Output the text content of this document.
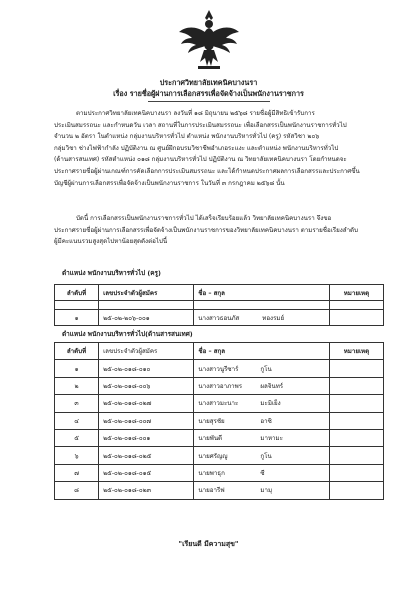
ประกาศวิทยาลัยเทคนิคบางนรา
เรื่อง รายชื่อผู้ผ่านการเลือกสรรเพื่อจัดจ้างเป็นพนักงานราชการ
ตามประกาศวิทยาลัยเทคนิคบางนรา ลงวันที่ ๑๘ มิถุนายน ๒๕๖๘ รายชื่อผู้มีสิทธิเข้ารับการ
ประเมินสมรรถนะ และกำหนดวัน เวลา สถานที่ในการประเมินสมรรถนะ เพื่อเลือกสรรเป็นพนักงานราชการทั่วไป
จำนวน ๒ อัตรา ในตำแหน่ง กลุ่มงานบริหารทั่วไป ตำแหน่ง พนักงานบริหารทั่วไป (ครู) รหัสวิชา ๒๐๖
กลุ่มวิชา ช่างไฟฟ้ากำลัง ปฏิบัติงาน ณ ศูนย์ฝึกอบรมวิชาชีพอำเภอระแงะ และตำแหน่ง พนักงานบริหารทั่วไป
(ด้านสารสนเทศ) รหัสตำแหน่ง ๐๑๘ กลุ่มงานบริหารทั่วไป ปฏิบัติงาน ณ วิทยาลัยเทคนิคบางนรา โดยกำหนดจะ
ประกาศรายชื่อผู้ผ่านเกณฑ์การคัดเลือกการประเมินสมรรถนะ และได้กำหนดประกาศผลการเลือกสรรและประกาศขึ้น
บัญชีผู้ผ่านการเลือกสรรเพื่อจัดจ้างเป็นพนักงานราชการ ในวันที่ ๓ กรกฎาคม ๒๕๖๘ นั้น
บัดนี้ การเลือกสรรเป็นพนักงานราชการทั่วไป ได้เสร็จเรียบร้อยแล้ว วิทยาลัยเทคนิคบางนรา จึงขอ
ประกาศรายชื่อผู้ผ่านการเลือกสรรเพื่อจัดจ้างเป็นพนักงานราชการของวิทยาลัยเทคนิคบางนรา ตามรายชื่อเรียงลำดับ
ผู้มีคะแนนรวมสูงสุดไปหาน้อยสุดดังต่อไปนี้
ตำแหน่ง พนักงานบริหารทั่วไป (ครู)
ลำดับที่	เลขประจำตัวผู้สมัคร	ชื่อ – สกุล	หมายเหตุ

๑	๒๕-๐๒-๒๐๖-๐๐๑	นางสาวธอนภัส ทองรมย์	
ตำแหน่ง พนักงานบริหารทั่วไป(ด้านสารสนเทศ)
ลำดับที่	เลขประจำตัวผู้สมัคร	ชื่อ – สกุล	หมายเหตุ
๑	๒๕-๐๒-๐๑๘-๐๑๐	นางสาวนูรีซาร์ กูโน	
๒	๒๕-๐๒-๐๑๘-๐๐๖	นางสาวอาภาพร ผลจินทร์	
๓	๒๕-๐๒-๐๑๘-๐๒๗	นางสาวมะนาะ มะมิเย็ง	
๔	๒๕-๐๒-๐๑๘-๐๐๗	นายสุรชัย อาซิ	
๕	๒๕-๐๒-๐๑๘-๐๐๑	นายพันดี มาหามะ	
๖	๒๕-๐๒-๐๑๘-๐๒๕	นายศรัญญู กูโน	
๗	๒๕-๐๒-๐๑๘-๐๑๕	นายพาธุก ซี	
๘	๒๕-๐๒-๐๑๘-๐๒๓	นายอารีฟ มามุ	
"เรียนดี มีความสุข"
